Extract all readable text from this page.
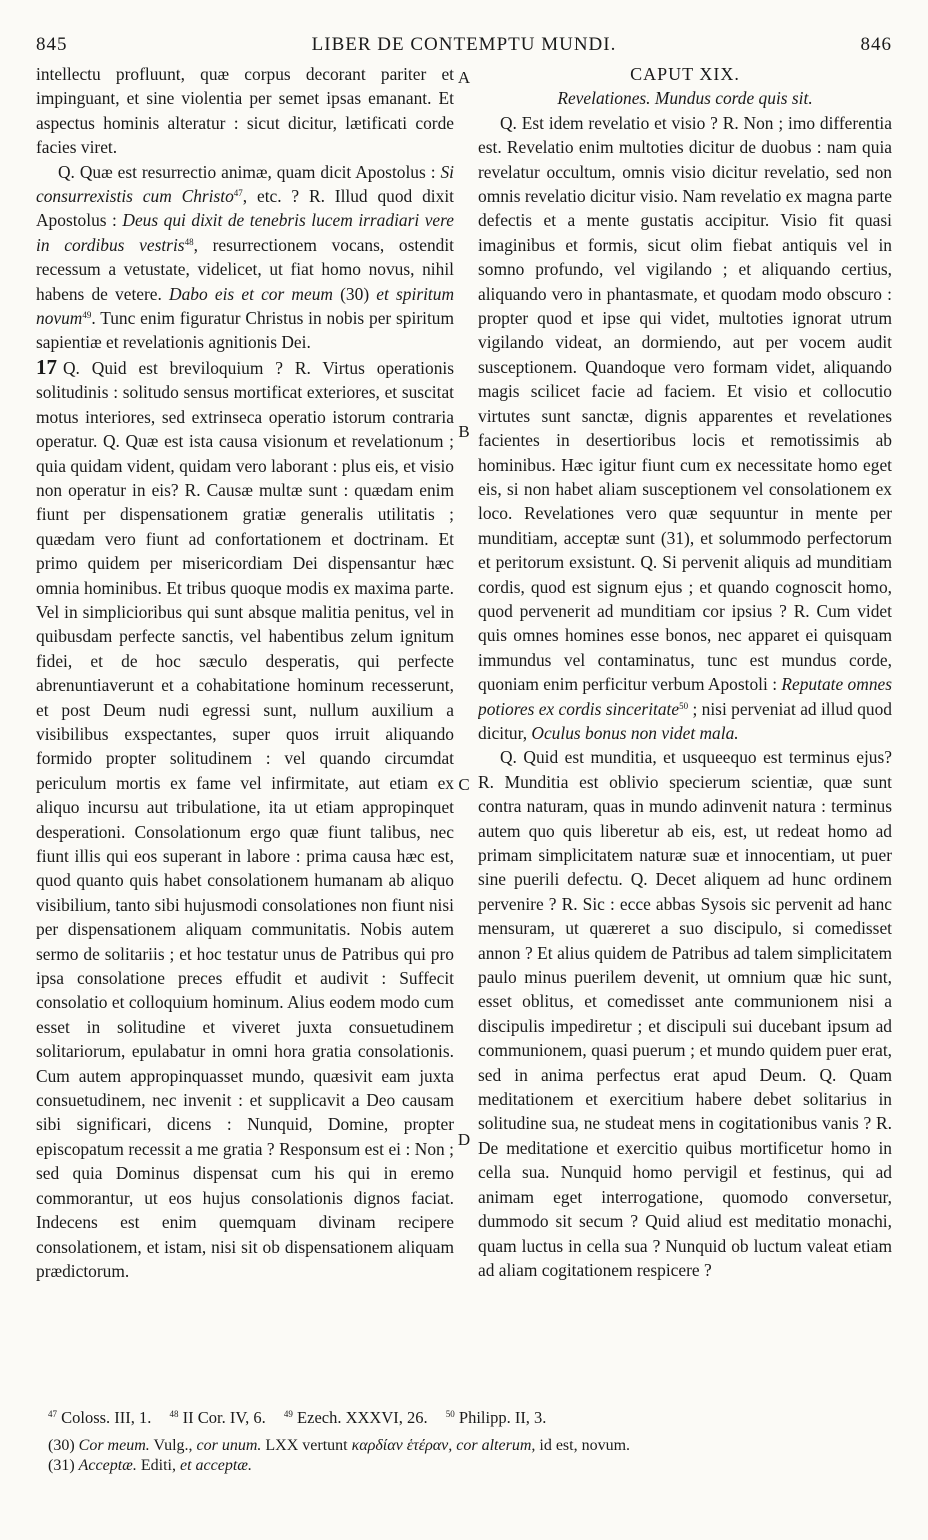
845	LIBER DE CONTEMPTU MUNDI.	846

intellectu profluunt, quæ corpus decorant pariter et impinguant, et sine violentia per semet ipsas emanant. Et aspectus hominis alteratur : sicut dicitur, lætificati corde facies viret.

Q. Quæ est resurrectio animæ, quam dicit Apostolus : Si consurrexistis cum Christo$^{47}$, etc. ? R. Illud quod dixit Apostolus : Deus qui dixit de tenebris lucem irradiari vere in cordibus vestris$^{48}$, resurrectionem vocans, ostendit recessum a vetustate, videlicet, ut fiat homo novus, nihil habens de vetere. Dabo eis et cor meum (30) et spiritum novum$^{49}$. Tunc enim figuratur Christus in nobis per spiritum sapientiæ et revelationis agnitionis Dei.

17 Q. Quid est breviloquium ? R. Virtus operationis solitudinis : solitudo sensus mortificat exteriores, et suscitat motus interiores, sed extrinseca operatio istorum contraria operatur. Q. Quæ est ista causa visionum et revelationum ; quia quidam vident, quidam vero laborant : plus eis, et visio non operatur in eis? R. Causæ multæ sunt : quædam enim fiunt per dispensationem gratiæ generalis utilitatis ; quædam vero fiunt ad confortationem et doctrinam. Et primo quidem per misericordiam Dei dispensantur hæc omnia hominibus. Et tribus quoque modis ex maxima parte. Vel in simplicioribus qui sunt absque malitia penitus, vel in quibusdam perfecte sanctis, vel habentibus zelum ignitum fidei, et de hoc sæculo desperatis, qui perfecte abrenuntiaverunt et a cohabitatione hominum recesserunt, et post Deum nudi egressi sunt, nullum auxilium a visibilibus exspectantes, super quos irruit aliquando formido propter solitudinem : vel quando circumdat periculum mortis ex fame vel infirmitate, aut etiam ex aliquo incursu aut tribulatione, ita ut etiam appropinquet desperationi. Consolationum ergo quæ fiunt talibus, nec fiunt illis qui eos superant in labore : prima causa hæc est, quod quanto quis habet consolationem humanam ab aliquo visibilium, tanto sibi hujusmodi consolationes non fiunt nisi per dispensationem aliquam communitatis. Nobis autem sermo de solitariis ; et hoc testatur unus de Patribus qui pro ipsa consolatione preces effudit et audivit : Suffecit consolatio et colloquium hominum. Alius eodem modo cum esset in solitudine et viveret juxta consuetudinem solitariorum, epulabatur in omni hora gratia consolationis. Cum autem appropinquasset mundo, quæsivit eam juxta consuetudinem, nec invenit : et supplicavit a Deo causam sibi significari, dicens : Nunquid, Domine, propter episcopatum recessit a me gratia ? Responsum est ei : Non ; sed quia Dominus dispensat cum his qui in eremo commorantur, ut eos hujus consolationis dignos faciat. Indecens est enim quemquam divinam recipere consolationem, et istam, nisi sit ob dispensationem aliquam prædictorum.

A
B
C
D

CAPUT XIX.

Revelationes. Mundus corde quis sit.

Q. Est idem revelatio et visio ? R. Non ; imo differentia est. Revelatio enim multoties dicitur de duobus : nam quia revelatur occultum, omnis visio dicitur revelatio, sed non omnis revelatio dicitur visio. Nam revelatio ex magna parte defectis et a mente gustatis accipitur. Visio fit quasi imaginibus et formis, sicut olim fiebat antiquis vel in somno profundo, vel vigilando ; et aliquando certius, aliquando vero in phantasmate, et quodam modo obscuro : propter quod et ipse qui videt, multoties ignorat utrum vigilando videat, an dormiendo, aut per vocem audit susceptionem. Quandoque vero formam videt, aliquando magis scilicet facie ad faciem. Et visio et collocutio virtutes sunt sanctæ, dignis apparentes et revelationes facientes in desertioribus locis et remotissimis ab hominibus. Hæc igitur fiunt cum ex necessitate homo eget eis, si non habet aliam susceptionem vel consolationem ex loco. Revelationes vero quæ sequuntur in mente per munditiam, acceptæ sunt (31), et solummodo perfectorum et peritorum exsistunt. Q. Si pervenit aliquis ad munditiam cordis, quod est signum ejus ; et quando cognoscit homo, quod pervenerit ad munditiam cor ipsius ? R. Cum videt quis omnes homines esse bonos, nec apparet ei quisquam immundus vel contaminatus, tunc est mundus corde, quoniam enim perficitur verbum Apostoli : Reputate omnes potiores ex cordis sinceritate$^{50}$ ; nisi perveniat ad illud quod dicitur, Oculus bonus non videt mala.

Q. Quid est munditia, et usqueequo est terminus ejus? R. Munditia est oblivio specierum scientiæ, quæ sunt contra naturam, quas in mundo adinvenit natura : terminus autem quo quis liberetur ab eis, est, ut redeat homo ad primam simplicitatem naturæ suæ et innocentiam, ut puer sine puerili defectu. Q. Decet aliquem ad hunc ordinem pervenire ? R. Sic : ecce abbas Sysois sic pervenit ad hanc mensuram, ut quæreret a suo discipulo, si comedisset annon ? Et alius quidem de Patribus ad talem simplicitatem paulo minus puerilem devenit, ut omnium quæ hic sunt, esset oblitus, et comedisset ante communionem nisi a discipulis impediretur ; et discipuli sui ducebant ipsum ad communionem, quasi puerum ; et mundo quidem puer erat, sed in anima perfectus erat apud Deum. Q. Quam meditationem et exercitium habere debet solitarius in solitudine sua, ne studeat mens in cogitationibus vanis ? R. De meditatione et exercitio quibus mortificetur homo in cella sua. Nunquid homo pervigil et festinus, qui ad animam eget interrogatione, quomodo conversetur, dummodo sit secum ? Quid aliud est meditatio monachi, quam luctus in cella sua ? Nunquid ob luctum valeat etiam ad aliam cogitationem respicere ?

$^{47}$ Coloss. III, 1. $^{48}$ II Cor. IV, 6. $^{49}$ Ezech. XXXVI, 26. $^{50}$ Philipp. II, 3.
(30) Cor meum. Vulg., cor unum. LXX vertunt καρδίαν ἑτέραν, cor alterum, id est, novum.
(31) Acceptæ. Editi, et acceptæ.
